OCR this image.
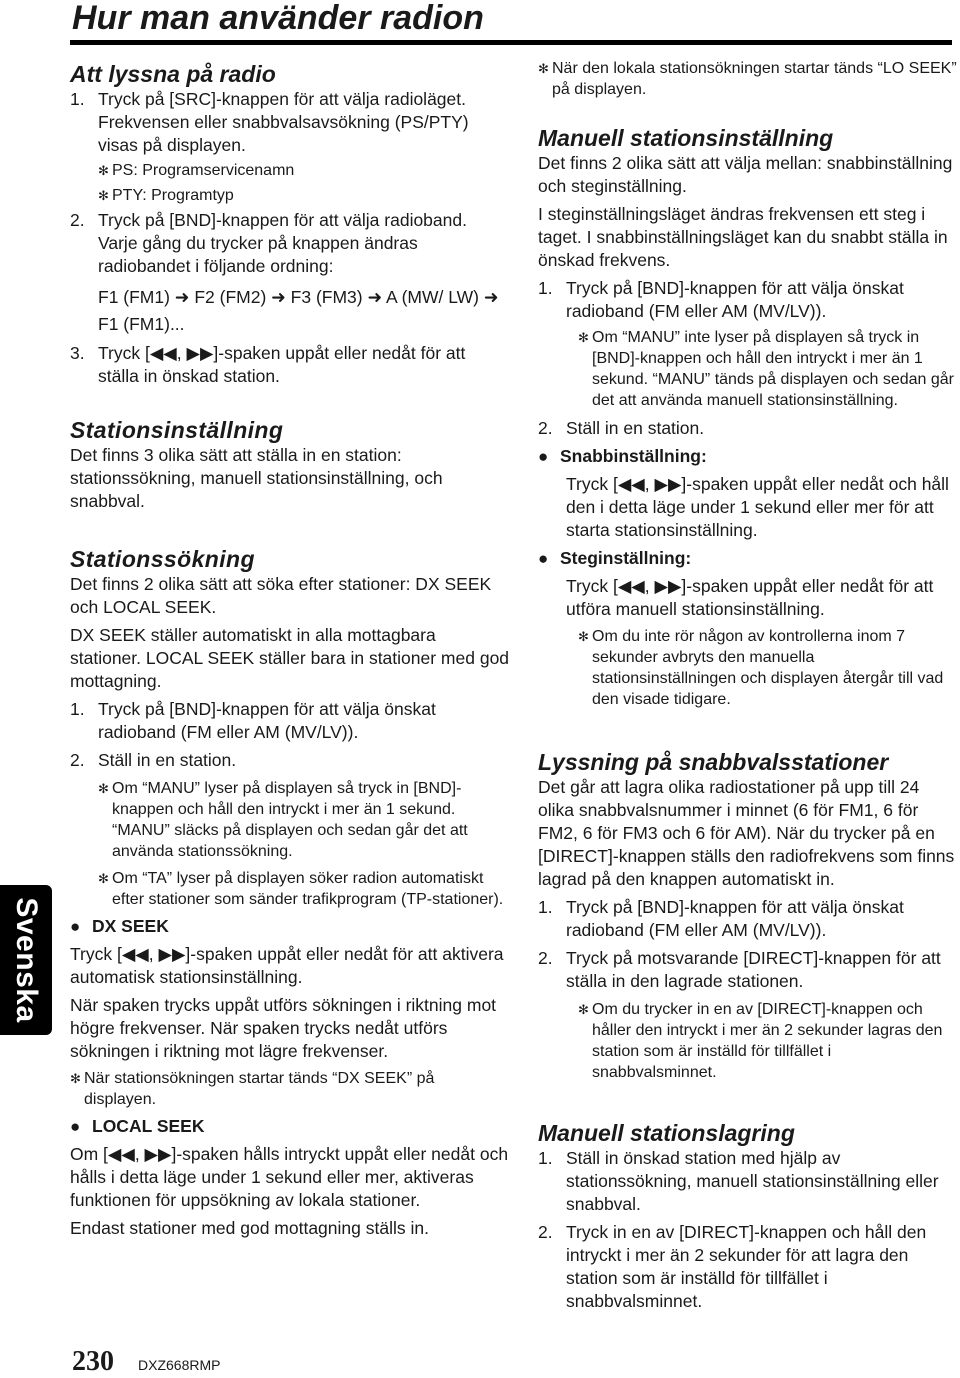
Hur man använder radion
Svenska
Att lyssna på radio
1. Tryck på [SRC]-knappen för att välja radioläget. Frekvensen eller snabbvalsavsökning (PS/PTY) visas på displayen.
✻ PS: Programservicenamn
✻ PTY: Programtyp
2. Tryck på [BND]-knappen för att välja radioband. Varje gång du trycker på knappen ändras radiobandet i följande ordning:
F1 (FM1) ➜ F2 (FM2) ➜ F3 (FM3) ➜ A (MW/ LW) ➜ F1 (FM1)...
3. Tryck [◀◀, ▶▶]-spaken uppåt eller nedåt för att ställa in önskad station.
Stationsinställning

Det finns 3 olika sätt att ställa in en station: stationssökning, manuell stationsinställning, och snabbval.

Stationssökning

Det finns 2 olika sätt att söka efter stationer: DX SEEK och LOCAL SEEK.

DX SEEK ställer automatiskt in alla mottagbara stationer. LOCAL SEEK ställer bara in stationer med god mottagning.

1. Tryck på [BND]-knappen för att välja önskat radioband (FM eller AM (MV/LV)).
2. Ställ in en station.
✻ Om “MANU” lyser på displayen så tryck in [BND]-knappen och håll den intryckt i mer än 1 sekund. “MANU” släcks på displayen och sedan går det att använda stationssökning.
✻ Om “TA” lyser på displayen söker radion automatiskt efter stationer som sänder trafikprogram (TP-stationer).
● DX SEEK

Tryck [◀◀, ▶▶]-spaken uppåt eller nedåt för att aktivera automatisk stationsinställning.

När spaken trycks uppåt utförs sökningen i riktning mot högre frekvenser. När spaken trycks nedåt utförs sökningen i riktning mot lägre frekvenser.

✻ När stationsökningen startar tänds “DX SEEK” på displayen.
● LOCAL SEEK

Om [◀◀, ▶▶]-spaken hålls intryckt uppåt eller nedåt och hålls i detta läge under 1 sekund eller mer, aktiveras funktionen för uppsökning av lokala stationer.

Endast stationer med god mottagning ställs in.

✻ När den lokala stationsökningen startar tänds “LO SEEK” på displayen.
Manuell stationsinställning

Det finns 2 olika sätt att välja mellan: snabbinställning och steginställning.

I steginställningsläget ändras frekvensen ett steg i taget. I snabbinställningsläget kan du snabbt ställa in önskad frekvens.

1. Tryck på [BND]-knappen för att välja önskat radioband (FM eller AM (MV/LV)).
✻ Om “MANU” inte lyser på displayen så tryck in [BND]-knappen och håll den intryckt i mer än 1 sekund. “MANU” tänds på displayen och sedan går det att använda manuell stationsinställning.
2. Ställ in en station.
● Snabbinställning:

Tryck [◀◀, ▶▶]-spaken uppåt eller nedåt och håll den i detta läge under 1 sekund eller mer för att starta stationsinställning.

● Steginställning:

Tryck [◀◀, ▶▶]-spaken uppåt eller nedåt för att utföra manuell stationsinställning.

✻ Om du inte rör någon av kontrollerna inom 7 sekunder avbryts den manuella stationsinställningen och displayen återgår till vad den visade tidigare.
Lyssning på snabbvalsstationer

Det går att lagra olika radiostationer på upp till 24 olika snabbvalsnummer i minnet (6 för FM1, 6 för FM2, 6 för FM3 och 6 för AM). När du trycker på en [DIRECT]-knappen ställs den radiofrekvens som finns lagrad på den knappen automatiskt in.

1. Tryck på [BND]-knappen för att välja önskat radioband (FM eller AM (MV/LV)).
2. Tryck på motsvarande [DIRECT]-knappen för att ställa in den lagrade stationen.
✻ Om du trycker in en av [DIRECT]-knappen och håller den intryckt i mer än 2 sekunder lagras den station som är inställd för tillfället i snabbvalsminnet.
Manuell stationslagring
1. Ställ in önskad station med hjälp av stationssökning, manuell stationsinställning eller snabbval.
2. Tryck in en av [DIRECT]-knappen och håll den intryckt i mer än 2 sekunder för att lagra den station som är inställd för tillfället i snabbvalsminnet.
230 DXZ668RMP
